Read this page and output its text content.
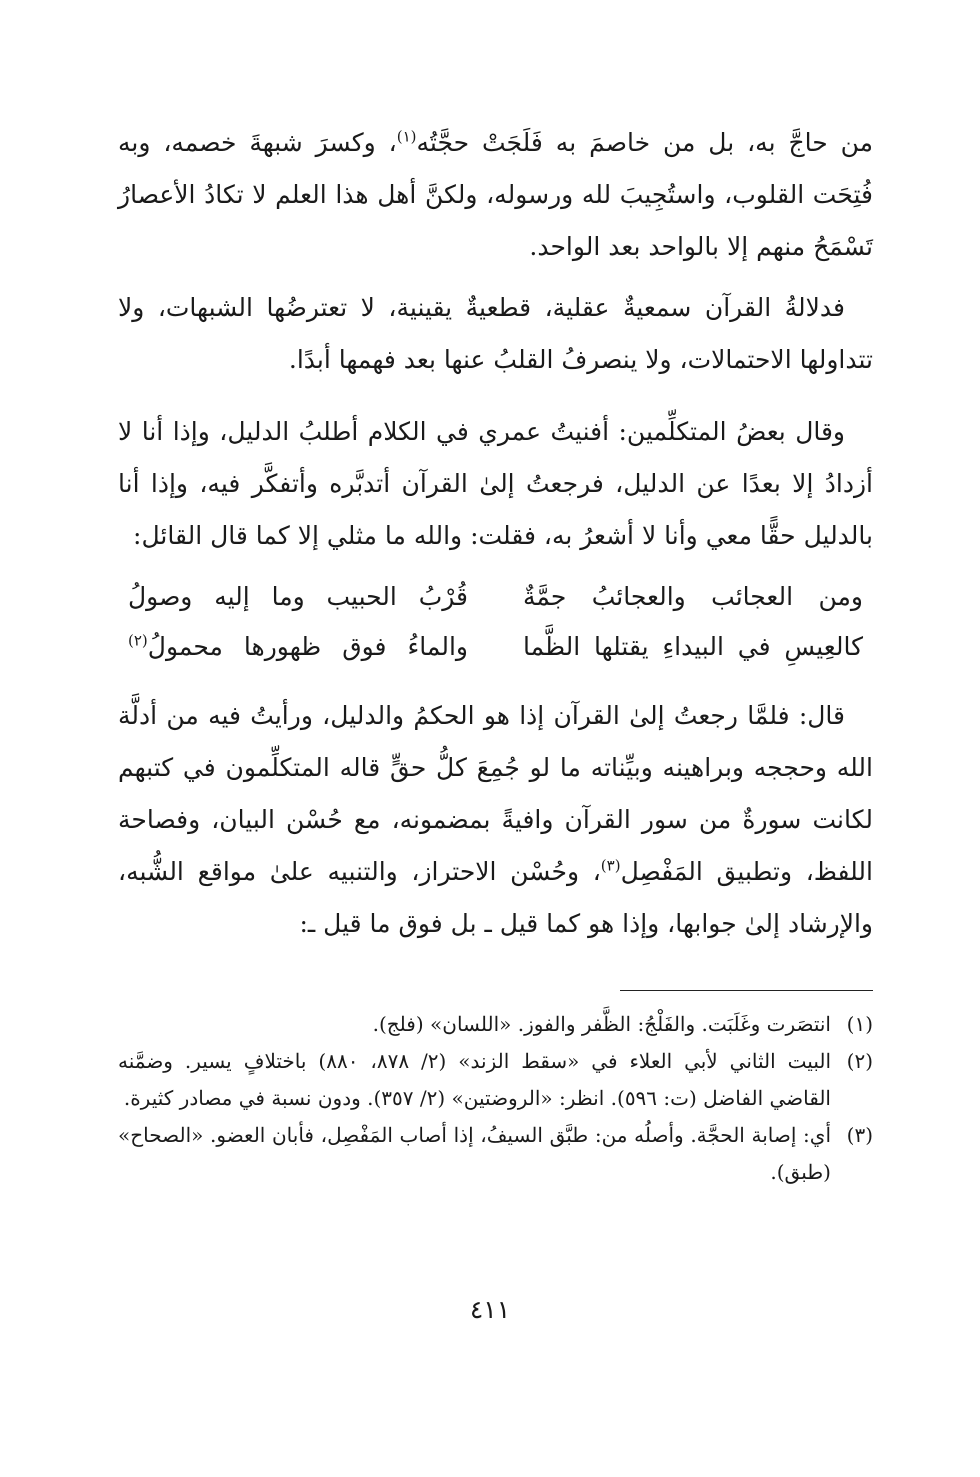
من حاجَّ به، بل من خاصمَ به فَلَجَتْ حجَّتُه$^{(١)}$، وكسرَ شبهةَ خصمه، وبه فُتِحَت القلوب، واستُجِيبَ لله ورسوله، ولكنَّ أهل هذا العلم لا تكادُ الأعصارُ تَسْمَحُ منهم إلا بالواحد بعد الواحد.

فدلالةُ القرآن سمعيةٌ عقلية، قطعيةٌ يقينية، لا تعترضُها الشبهات، ولا تتداولها الاحتمالات، ولا ينصرفُ القلبُ عنها بعد فهمها أبدًا.

وقال بعضُ المتكلِّمين: أفنيتُ عمري في الكلام أطلبُ الدليل، وإذا أنا لا أزدادُ إلا بعدًا عن الدليل، فرجعتُ إلىٰ القرآن أتدبَّره وأتفكَّر فيه، وإذا أنا بالدليل حقًّا معي وأنا لا أشعرُ به، فقلت: والله ما مثلي إلا كما قال القائل:

ومن العجائب والعجائبُ جمَّةٌ
قُرْبُ الحبيب وما إليه وصولُ
كالعِيسِ في البيداءِ يقتلها الظَّما
والماءُ فوق ظهورها محمولُ$^{(٢)}$

قال: فلمَّا رجعتُ إلىٰ القرآن إذا هو الحكمُ والدليل، ورأيتُ فيه من أدلَّة الله وحججه وبراهينه وبيِّناته ما لو جُمِعَ كلُّ حقٍّ قاله المتكلِّمون في كتبهم لكانت سورةٌ من سور القرآن وافيةً بمضمونه، مع حُسْن البيان، وفصاحة اللفظ، وتطبيق المَفْصِل$^{(٣)}$، وحُسْن الاحتراز، والتنبيه علىٰ مواقع الشُّبه، والإرشاد إلىٰ جوابها، وإذا هو كما قيل ـ بل فوق ما قيل ـ:

(١)
انتصَرت وغَلَبَت. والفَلْجُ: الظَّفر والفوز. «اللسان» (فلج).
(٢)
البيت الثاني لأبي العلاء في «سقط الزند» (٢/ ٨٧٨، ٨٨٠) باختلافٍ يسير. وضمَّنه القاضي الفاضل (ت: ٥٩٦). انظر: «الروضتين» (٢/ ٣٥٧). ودون نسبة في مصادر كثيرة.
(٣)
أي: إصابة الحجَّة. وأصلُه من: طبَّق السيفُ، إذا أصاب المَفْصِل، فأبان العضو. «الصحاح» (طبق).
٤١١
